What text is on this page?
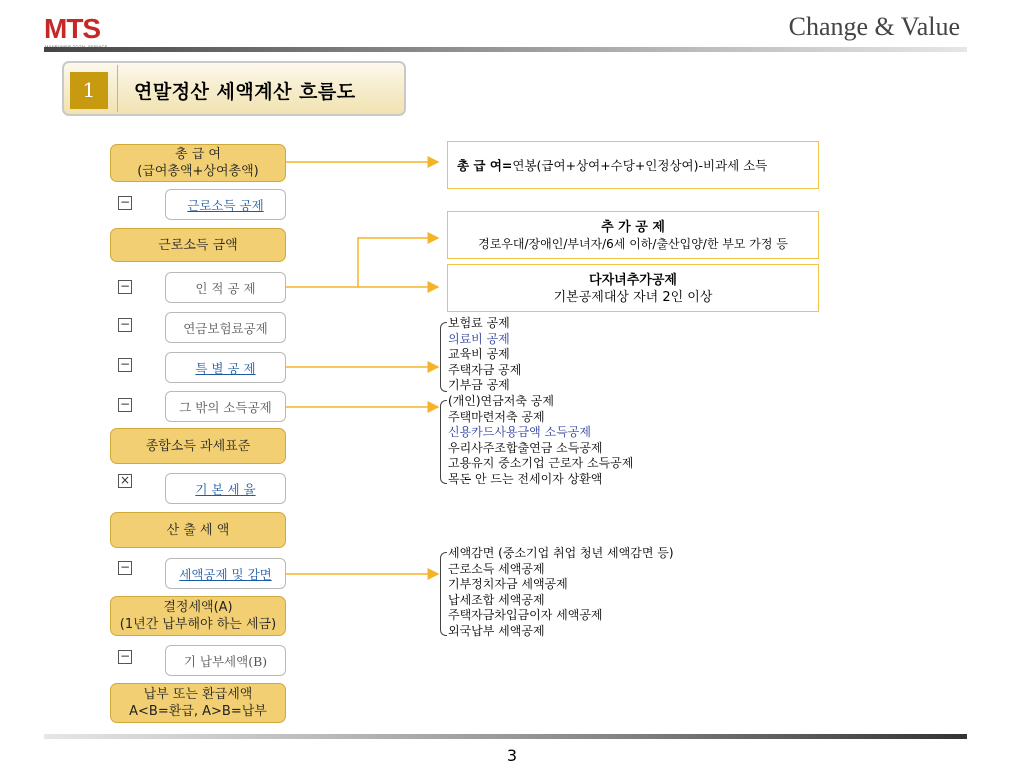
MTS	Change & Value
1	연말정산 세액계산 흐름도
총 급 여
(급여총액+상여총액)
−	근로소득 공제
근로소득 금액
−	인 적 공 제
−	연금보험료공제
−	특 별 공 제
−	그 밖의 소득공제
종합소득 과세표준
×
기 본 세 율
산 출 세 액
−	세액공제 및 감면
결정세액(A)
(1년간 납부해야 하는 세금)
−	기 납부세액(B)
납부 또는 환급세액
A<B=환급, A>B=납부
총 급 여= 연봉(급여+상여+수당+인정상여)-비과세 소득
추 가 공 제
경로우대/장애인/부녀자/6세 이하/출산입양/한 부모 가정 등
다자녀추가공제
기본공제대상 자녀 2인 이상
보험료 공제
의료비 공제
교육비 공제
주택자금 공제
기부금 공제
(개인)연금저축 공제
주택마련저축 공제
신용카드사용금액 소득공제
우리사주조합출연금 소득공제
고용유지 중소기업 근로자 소득공제
목돈 안 드는 전세이자 상환액
세액감면 (중소기업 취업 청년 세액감면 등)
근로소득 세액공제
기부정치자금 세액공제
납세조합 세액공제
주택자금차입금이자 세액공제
외국납부 세액공제
3
